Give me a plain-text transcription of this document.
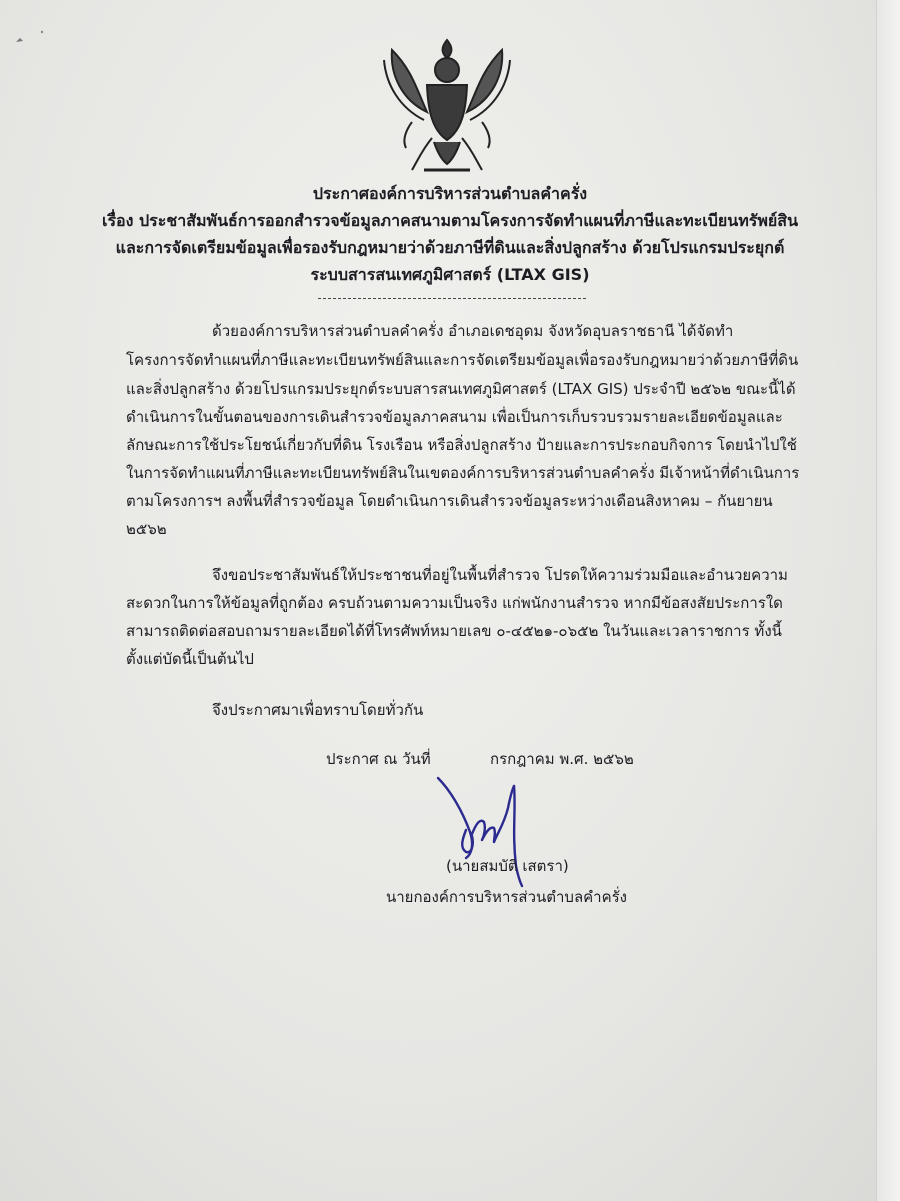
ประกาศองค์การบริหารส่วนตำบลคำครั่ง
เรื่อง ประชาสัมพันธ์การออกสำรวจข้อมูลภาคสนามตามโครงการจัดทำแผนที่ภาษีและทะเบียนทรัพย์สิน
และการจัดเตรียมข้อมูลเพื่อรองรับกฎหมายว่าด้วยภาษีที่ดินและสิ่งปลูกสร้าง ด้วยโปรแกรมประยุกต์
ระบบสารสนเทศภูมิศาสตร์ (LTAX GIS)
ด้วยองค์การบริหารส่วนตำบลคำครั่ง อำเภอเดชอุดม จังหวัดอุบลราชธานี ได้จัดทำ
โครงการจัดทำแผนที่ภาษีและทะเบียนทรัพย์สินและการจัดเตรียมข้อมูลเพื่อรองรับกฎหมายว่าด้วยภาษีที่ดิน
และสิ่งปลูกสร้าง ด้วยโปรแกรมประยุกต์ระบบสารสนเทศภูมิศาสตร์ (LTAX GIS) ประจำปี ๒๕๖๒ ขณะนี้ได้
ดำเนินการในขั้นตอนของการเดินสำรวจข้อมูลภาคสนาม เพื่อเป็นการเก็บรวบรวมรายละเอียดข้อมูลและ
ลักษณะการใช้ประโยชน์เกี่ยวกับที่ดิน โรงเรือน หรือสิ่งปลูกสร้าง ป้ายและการประกอบกิจการ โดยนำไปใช้
ในการจัดทำแผนที่ภาษีและทะเบียนทรัพย์สินในเขตองค์การบริหารส่วนตำบลคำครั่ง มีเจ้าหน้าที่ดำเนินการ
ตามโครงการฯ ลงพื้นที่สำรวจข้อมูล โดยดำเนินการเดินสำรวจข้อมูลระหว่างเดือนสิงหาคม – กันยายน
๒๕๖๒
จึงขอประชาสัมพันธ์ให้ประชาชนที่อยู่ในพื้นที่สำรวจ โปรดให้ความร่วมมือและอำนวยความ
สะดวกในการให้ข้อมูลที่ถูกต้อง ครบถ้วนตามความเป็นจริง แก่พนักงานสำรวจ หากมีข้อสงสัยประการใด
สามารถติดต่อสอบถามรายละเอียดได้ที่โทรศัพท์หมายเลข ๐-๔๕๒๑-๐๖๕๒ ในวันและเวลาราชการ ทั้งนี้
ตั้งแต่บัดนี้เป็นต้นไป
จึงประกาศมาเพื่อทราบโดยทั่วกัน
ประกาศ ณ วันที่	กรกฎาคม พ.ศ. ๒๕๖๒
(นายสมบัติ เสตรา)
นายกองค์การบริหารส่วนตำบลคำครั่ง
